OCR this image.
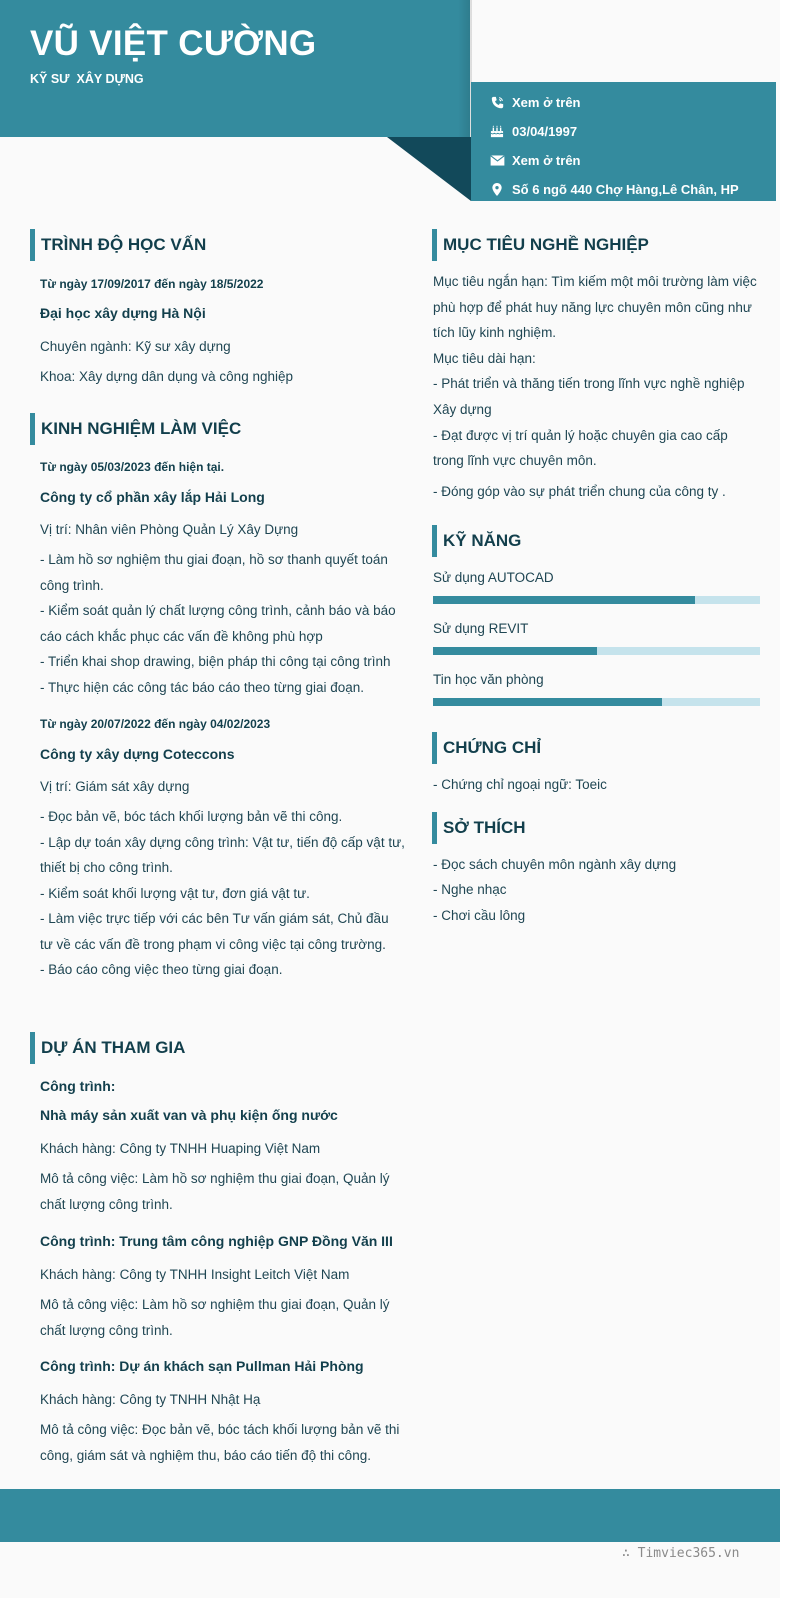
VŨ VIỆT CƯỜNG
KỸ SƯ  XÂY DỰNG
Xem ở trên
03/04/1997
Xem ở trên
Số 6 ngõ 440 Chợ Hàng,Lê Chân, HP
TRÌNH ĐỘ HỌC VẤN
Từ ngày 17/09/2017 đến ngày 18/5/2022
Đại học xây dựng Hà Nội
Chuyên ngành: Kỹ sư xây dựng
Khoa: Xây dựng dân dụng và công nghiệp
KINH NGHIỆM LÀM VIỆC
Từ ngày 05/03/2023 đến hiện tại.
Công ty cổ phần xây lắp Hải Long
Vị trí: Nhân viên Phòng Quản Lý Xây Dựng
- Làm hồ sơ nghiệm thu giai đoạn, hồ sơ thanh quyết toán
công trình.
- Kiểm soát quản lý chất lượng công trình, cảnh báo và báo
cáo cách khắc phục các vấn đề không phù hợp
- Triển khai shop drawing, biện pháp thi công tại công trình
- Thực hiện các công tác báo cáo theo từng giai đoạn.
Từ ngày 20/07/2022 đến ngày 04/02/2023
Công ty xây dựng Coteccons
Vị trí: Giám sát xây dựng
- Đọc bản vẽ, bóc tách khối lượng bản vẽ thi công.
- Lập dự toán xây dựng công trình: Vật tư, tiến độ cấp vật tư,
thiết bị cho công trình.
- Kiểm soát khối lượng vật tư, đơn giá vật tư.
- Làm việc trực tiếp với các bên Tư vấn giám sát, Chủ đầu
tư về các vấn đề trong phạm vi công việc tại công trường.
- Báo cáo công việc theo từng giai đoạn.
DỰ ÁN THAM GIA
Công trình:
Nhà máy sản xuất van và phụ kiện ống nước
Khách hàng: Công ty TNHH Huaping Việt Nam
Mô tả công việc: Làm hồ sơ nghiệm thu giai đoạn, Quản lý
chất lượng công trình.
Công trình: Trung tâm công nghiệp GNP Đồng Văn III
Khách hàng: Công ty TNHH Insight Leitch Việt Nam
Mô tả công việc: Làm hồ sơ nghiệm thu giai đoạn, Quản lý
chất lượng công trình.
Công trình: Dự án khách sạn Pullman Hải Phòng
Khách hàng: Công ty TNHH Nhật Hạ
Mô tả công việc: Đọc bản vẽ, bóc tách khối lượng bản vẽ thi
công, giám sát và nghiệm thu, báo cáo tiến độ thi công.
MỤC TIÊU NGHỀ NGHIỆP
Mục tiêu ngắn hạn: Tìm kiếm một môi trường làm việc
phù hợp để phát huy năng lực chuyên môn cũng như
tích lũy kinh nghiệm.
Mục tiêu dài hạn:
- Phát triển và thăng tiến trong lĩnh vực nghề nghiệp
Xây dựng
- Đạt được vị trí quản lý hoặc chuyên gia cao cấp
trong lĩnh vực chuyên môn.
- Đóng góp vào sự phát triển chung của công ty .
KỸ NĂNG
Sử dụng AUTOCAD
Sử dụng REVIT
Tin học văn phòng
CHỨNG CHỈ
- Chứng chỉ ngoại ngữ: Toeic
SỞ THÍCH
- Đọc sách chuyên môn ngành xây dựng
- Nghe nhạc
- Chơi cầu lông
∴ Timviec365.vn
